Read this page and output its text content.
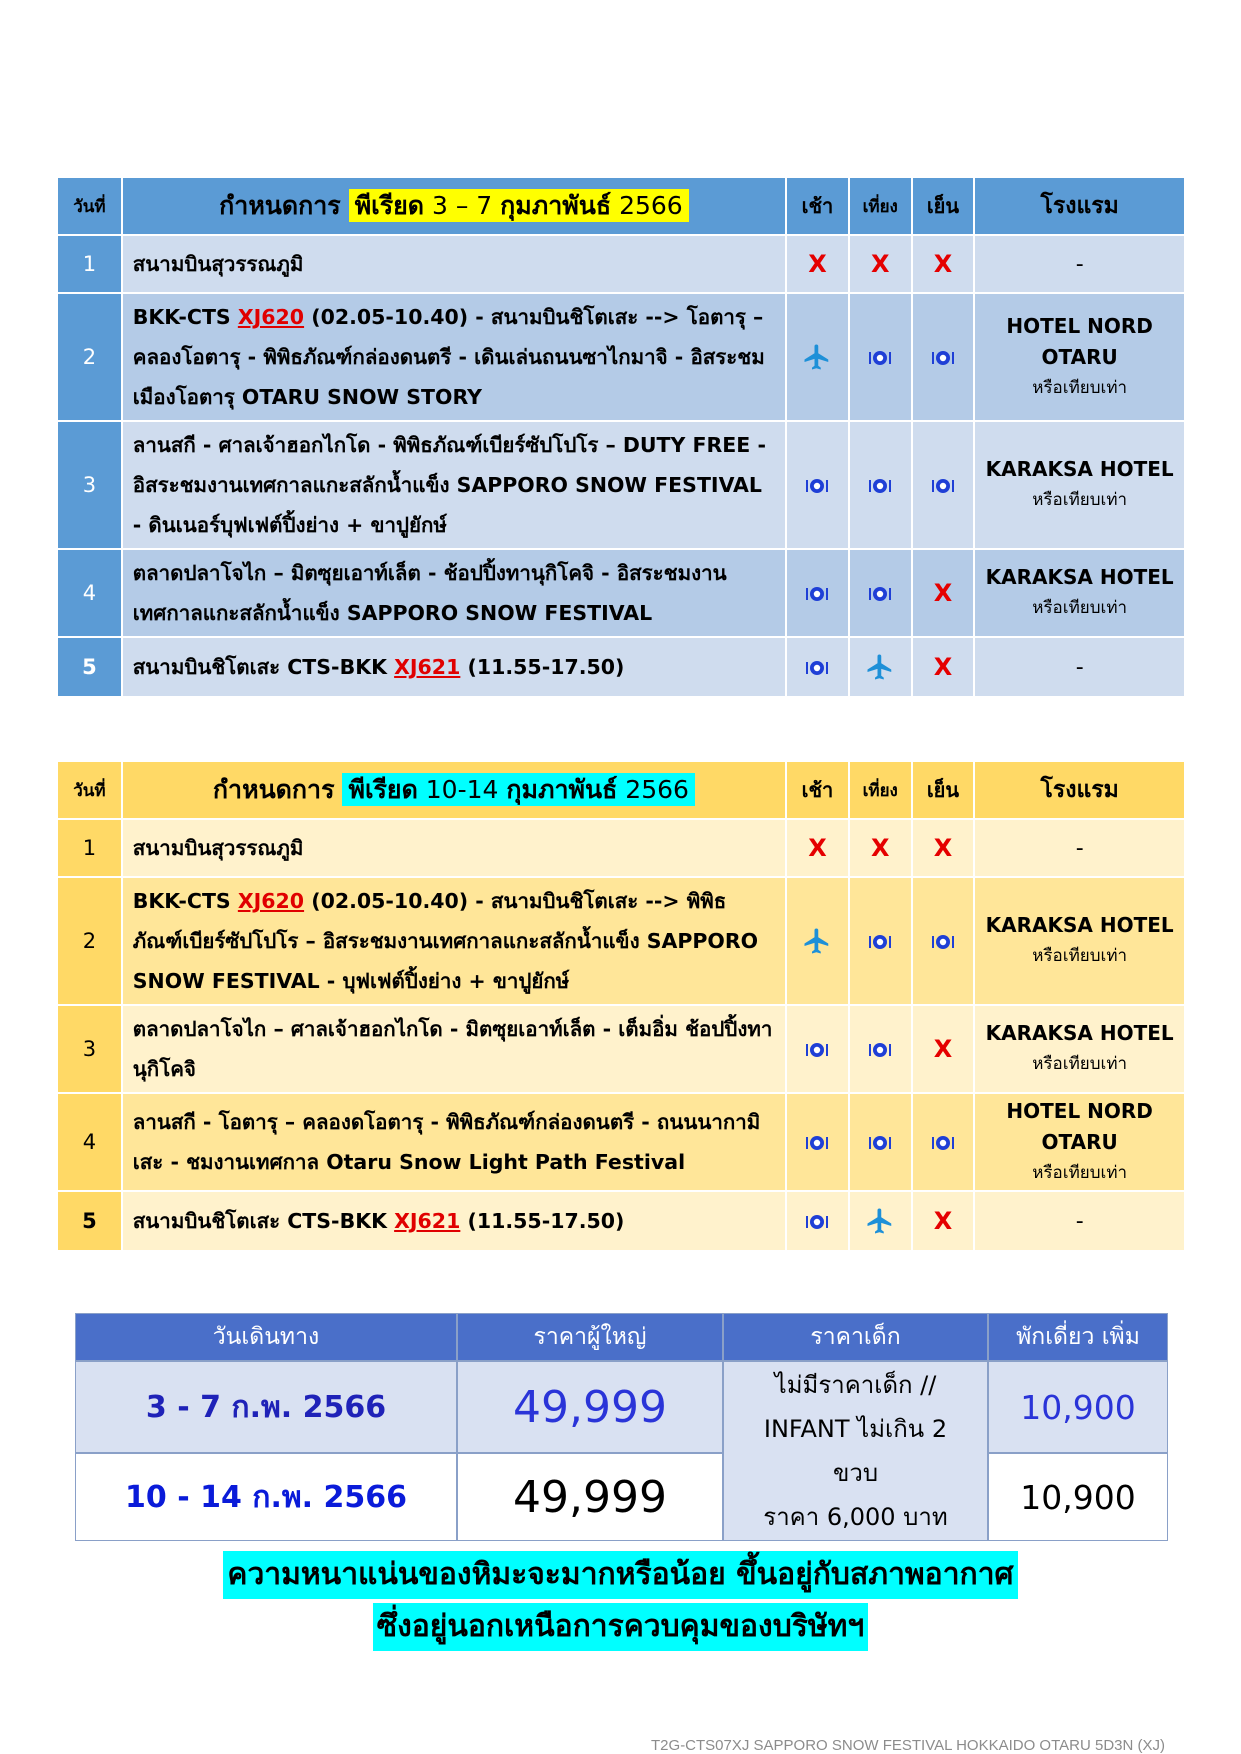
วันที่	กำหนดการ พีเรียด 3 – 7 กุมภาพันธ์ 2566	เช้า	เที่ยง	เย็น	โรงแรม
1	สนามบินสุวรรณภูมิ	X	X	X	-
2	BKK-CTS XJ620 (02.05-10.40) - สนามบินชิโตเสะ --> โอตารุ – คลองโอตารุ - พิพิธภัณฑ์กล่องดนตรี - เดินเล่นถนนซาไกมาจิ - อิสระชมเมืองโอตารุ OTARU SNOW STORY				HOTEL NORD OTARU
หรือเทียบเท่า

3	ลานสกี - ศาลเจ้าฮอกไกโด - พิพิธภัณฑ์เบียร์ซัปโปโร – DUTY FREE - อิสระชมงานเทศกาลแกะสลักน้ำแข็ง SAPPORO SNOW FESTIVAL - ดินเนอร์บุฟเฟต์ปิ้งย่าง + ขาปูยักษ์				KARAKSA HOTEL
หรือเทียบเท่า

4	ตลาดปลาโจไก – มิตซุยเอาท์เล็ต - ช้อปปิ้งทานุกิโคจิ - อิสระชมงานเทศกาลแกะสลักน้ำแข็ง SAPPORO SNOW FESTIVAL			X	KARAKSA HOTEL
หรือเทียบเท่า

5	สนามบินชิโตเสะ CTS-BKK XJ621 (11.55-17.50)			X	-
วันที่	กำหนดการ พีเรียด 10-14 กุมภาพันธ์ 2566	เช้า	เที่ยง	เย็น	โรงแรม
1	สนามบินสุวรรณภูมิ	X	X	X	-
2	BKK-CTS XJ620 (02.05-10.40) - สนามบินชิโตเสะ --> พิพิธภัณฑ์เบียร์ซัปโปโร – อิสระชมงานเทศกาลแกะสลักน้ำแข็ง SAPPORO SNOW FESTIVAL - บุฟเฟต์ปิ้งย่าง + ขาปูยักษ์				KARAKSA HOTEL
หรือเทียบเท่า

3	ตลาดปลาโจไก – ศาลเจ้าฮอกไกโด - มิตซุยเอาท์เล็ต - เต็มอิ่ม ช้อปปิ้งทานุกิโคจิ			X	KARAKSA HOTEL
หรือเทียบเท่า

4	ลานสกี - โอตารุ – คลองดโอตารุ - พิพิธภัณฑ์กล่องดนตรี - ถนนนากามิเสะ - ชมงานเทศกาล Otaru Snow Light Path Festival				HOTEL NORD OTARU
หรือเทียบเท่า

5	สนามบินชิโตเสะ CTS-BKK XJ621 (11.55-17.50)			X	-
วันเดินทาง	ราคาผู้ใหญ่	ราคาเด็ก	พักเดี่ยว เพิ่ม
3 - 7 ก.พ. 2566	49,999	ไม่มีราคาเด็ก //
INFANT ไม่เกิน 2
ขวบ
ราคา 6,000 บาท	10,900
10 - 14 ก.พ. 2566	49,999		10,900
ความหนาแน่นของหิมะจะมากหรือน้อย ขึ้นอยู่กับสภาพอากาศ
ซึ่งอยู่นอกเหนือการควบคุมของบริษัทฯ
T2G-CTS07XJ SAPPORO SNOW FESTIVAL HOKKAIDO OTARU 5D3N (XJ)
